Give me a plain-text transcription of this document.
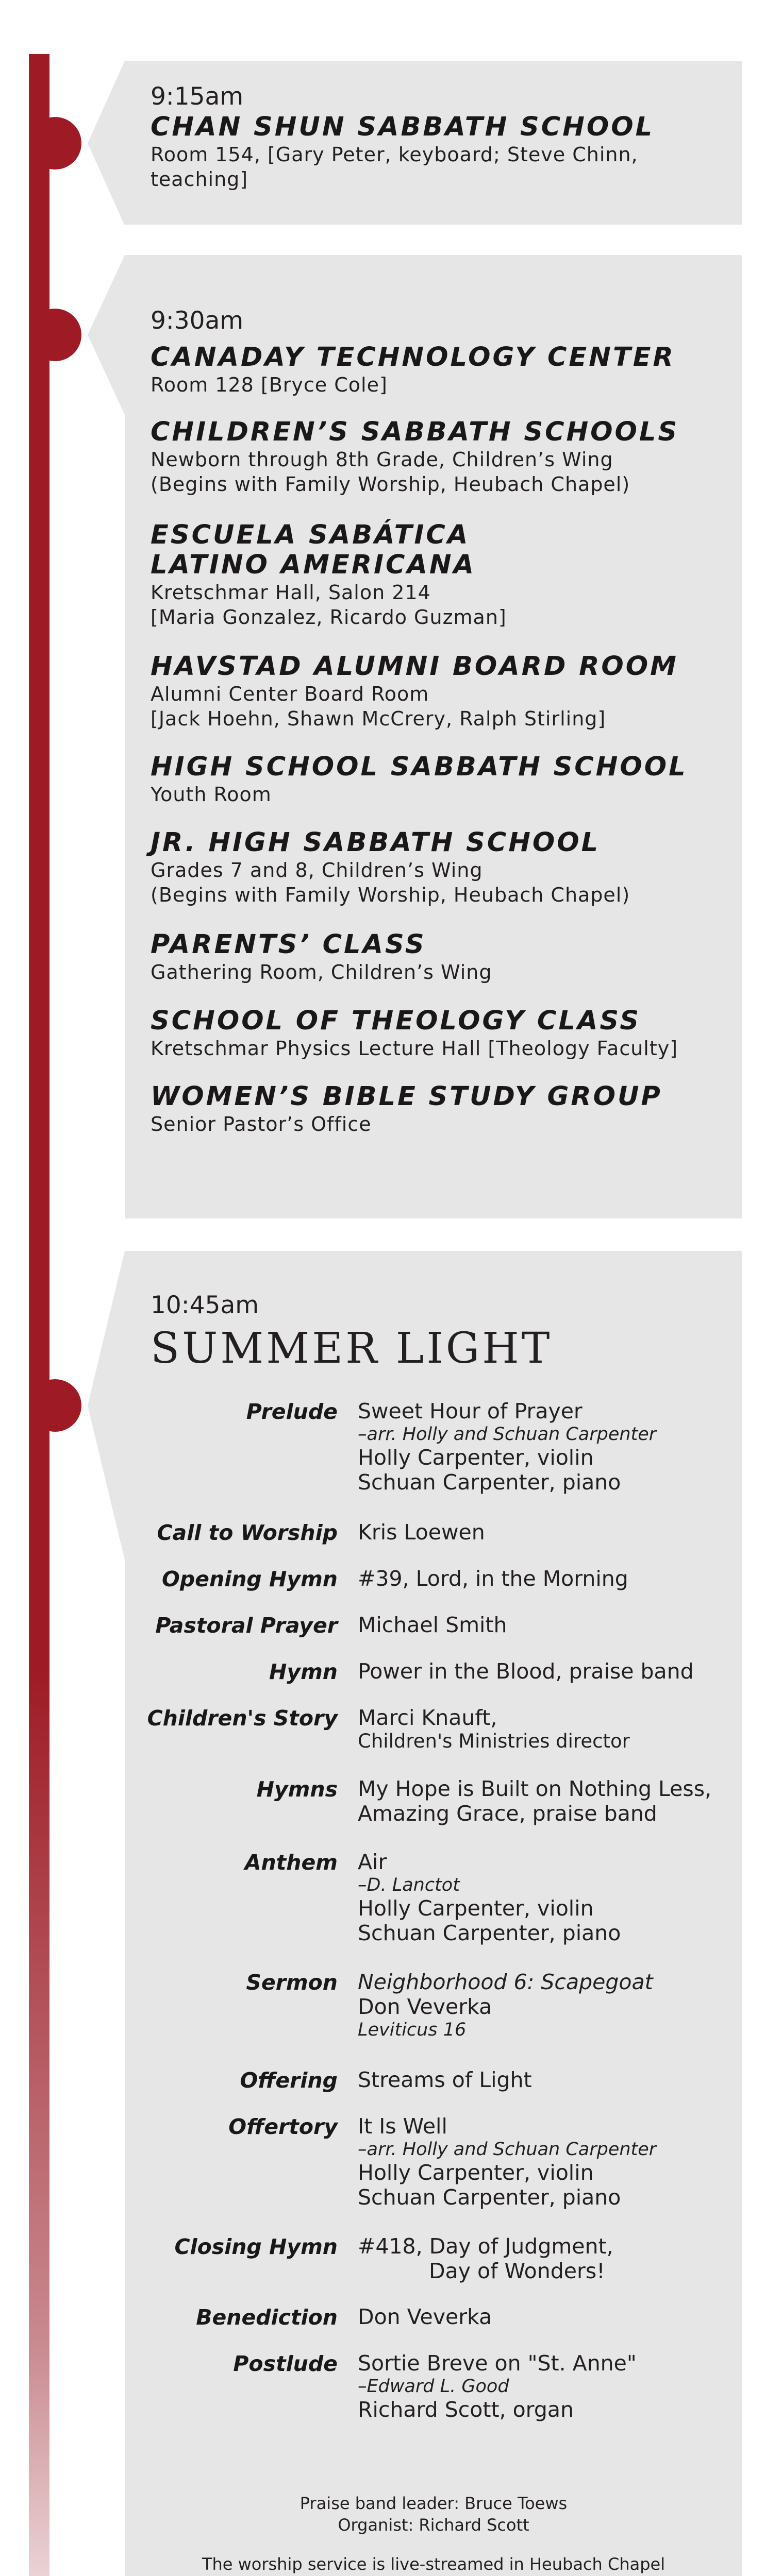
9:15am
CHAN SHUN SABBATH SCHOOL
Room 154, [Gary Peter, keyboard; Steve Chinn,
teaching]
9:30am
CANADAY TECHNOLOGY CENTER
Room 128 [Bryce Cole]
CHILDREN’S SABBATH SCHOOLS
Newborn through 8th Grade, Children’s Wing
(Begins with Family Worship, Heubach Chapel)
ESCUELA SABÁTICA
LATINO AMERICANA
Kretschmar Hall, Salon 214
[Maria Gonzalez, Ricardo Guzman]
HAVSTAD ALUMNI BOARD ROOM
Alumni Center Board Room
[Jack Hoehn, Shawn McCrery, Ralph Stirling]
HIGH SCHOOL SABBATH SCHOOL
Youth Room
JR. HIGH SABBATH SCHOOL
Grades 7 and 8, Children’s Wing
(Begins with Family Worship, Heubach Chapel)
PARENTS’ CLASS
Gathering Room, Children’s Wing
SCHOOL OF THEOLOGY CLASS
Kretschmar Physics Lecture Hall [Theology Faculty]
WOMEN’S BIBLE STUDY GROUP
Senior Pastor’s Office
10:45am
SUMMER LIGHT
Prelude Sweet Hour of Prayer
–arr. Holly and Schuan Carpenter
Holly Carpenter, violin
Schuan Carpenter, piano
Call to Worship Kris Loewen
Opening Hymn #39, Lord, in the Morning
Pastoral Prayer Michael Smith
Hymn Power in the Blood, praise band
Children's Story Marci Knauft,
Children's Ministries director
Hymns My Hope is Built on Nothing Less,
Amazing Grace, praise band
Anthem Air
–D. Lanctot
Holly Carpenter, violin
Schuan Carpenter, piano
Sermon Neighborhood 6: Scapegoat
Don Veverka
Leviticus 16
Offering Streams of Light
Offertory It Is Well
–arr. Holly and Schuan Carpenter
Holly Carpenter, violin
Schuan Carpenter, piano
Closing Hymn #418, Day of Judgment,
Day of Wonders!
Benediction Don Veverka
Postlude Sortie Breve on "St. Anne"
–Edward L. Good
Richard Scott, organ
Praise band leader: Bruce Toews
Organist: Richard Scott
The worship service is live-streamed in Heubach Chapel
